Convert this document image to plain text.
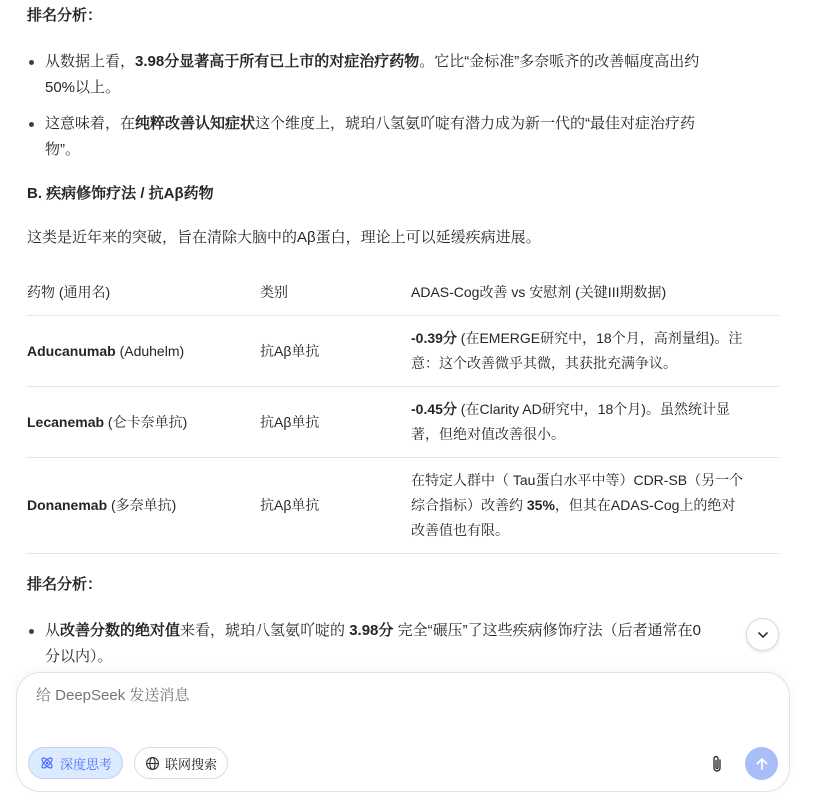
排名分析：
从数据上看，3.98分显著高于所有已上市的对症治疗药物。它比“金标准”多奈哌齐的改善幅度高出约
50%以上。
这意味着，在纯粹改善认知症状这个维度上，琥珀八氢氨吖啶有潜力成为新一代的“最佳对症治疗药
物”。
B. 疾病修饰疗法 / 抗Aβ药物

这类是近年来的突破，旨在清除大脑中的Aβ蛋白，理论上可以延缓疾病进展。

药物 (通用名)	类别	ADAS-Cog改善 vs 安慰剂 (关键III期数据)
Aducanumab (Aduhelm)	抗Aβ单抗	-0.39分 (在EMERGE研究中，18个月，高剂量组)。注
意：这个改善微乎其微，其获批充满争议。
Lecanemab (仑卡奈单抗)	抗Aβ单抗	-0.45分 (在Clarity AD研究中，18个月)。虽然统计显
著，但绝对值改善很小。
Donanemab (多奈单抗)	抗Aβ单抗	在特定人群中（ Tau蛋白水平中等）CDR-SB（另一个
综合指标）改善约 35%，但其在ADAS-Cog上的绝对
改善值也有限。
排名分析：
从改善分数的绝对值来看，琥珀八氢氨吖啶的 3.98分 完全“碾压”了这些疾病修饰疗法（后者通常在0
分以内）。
给 DeepSeek 发送消息
深度思考	联网搜索
